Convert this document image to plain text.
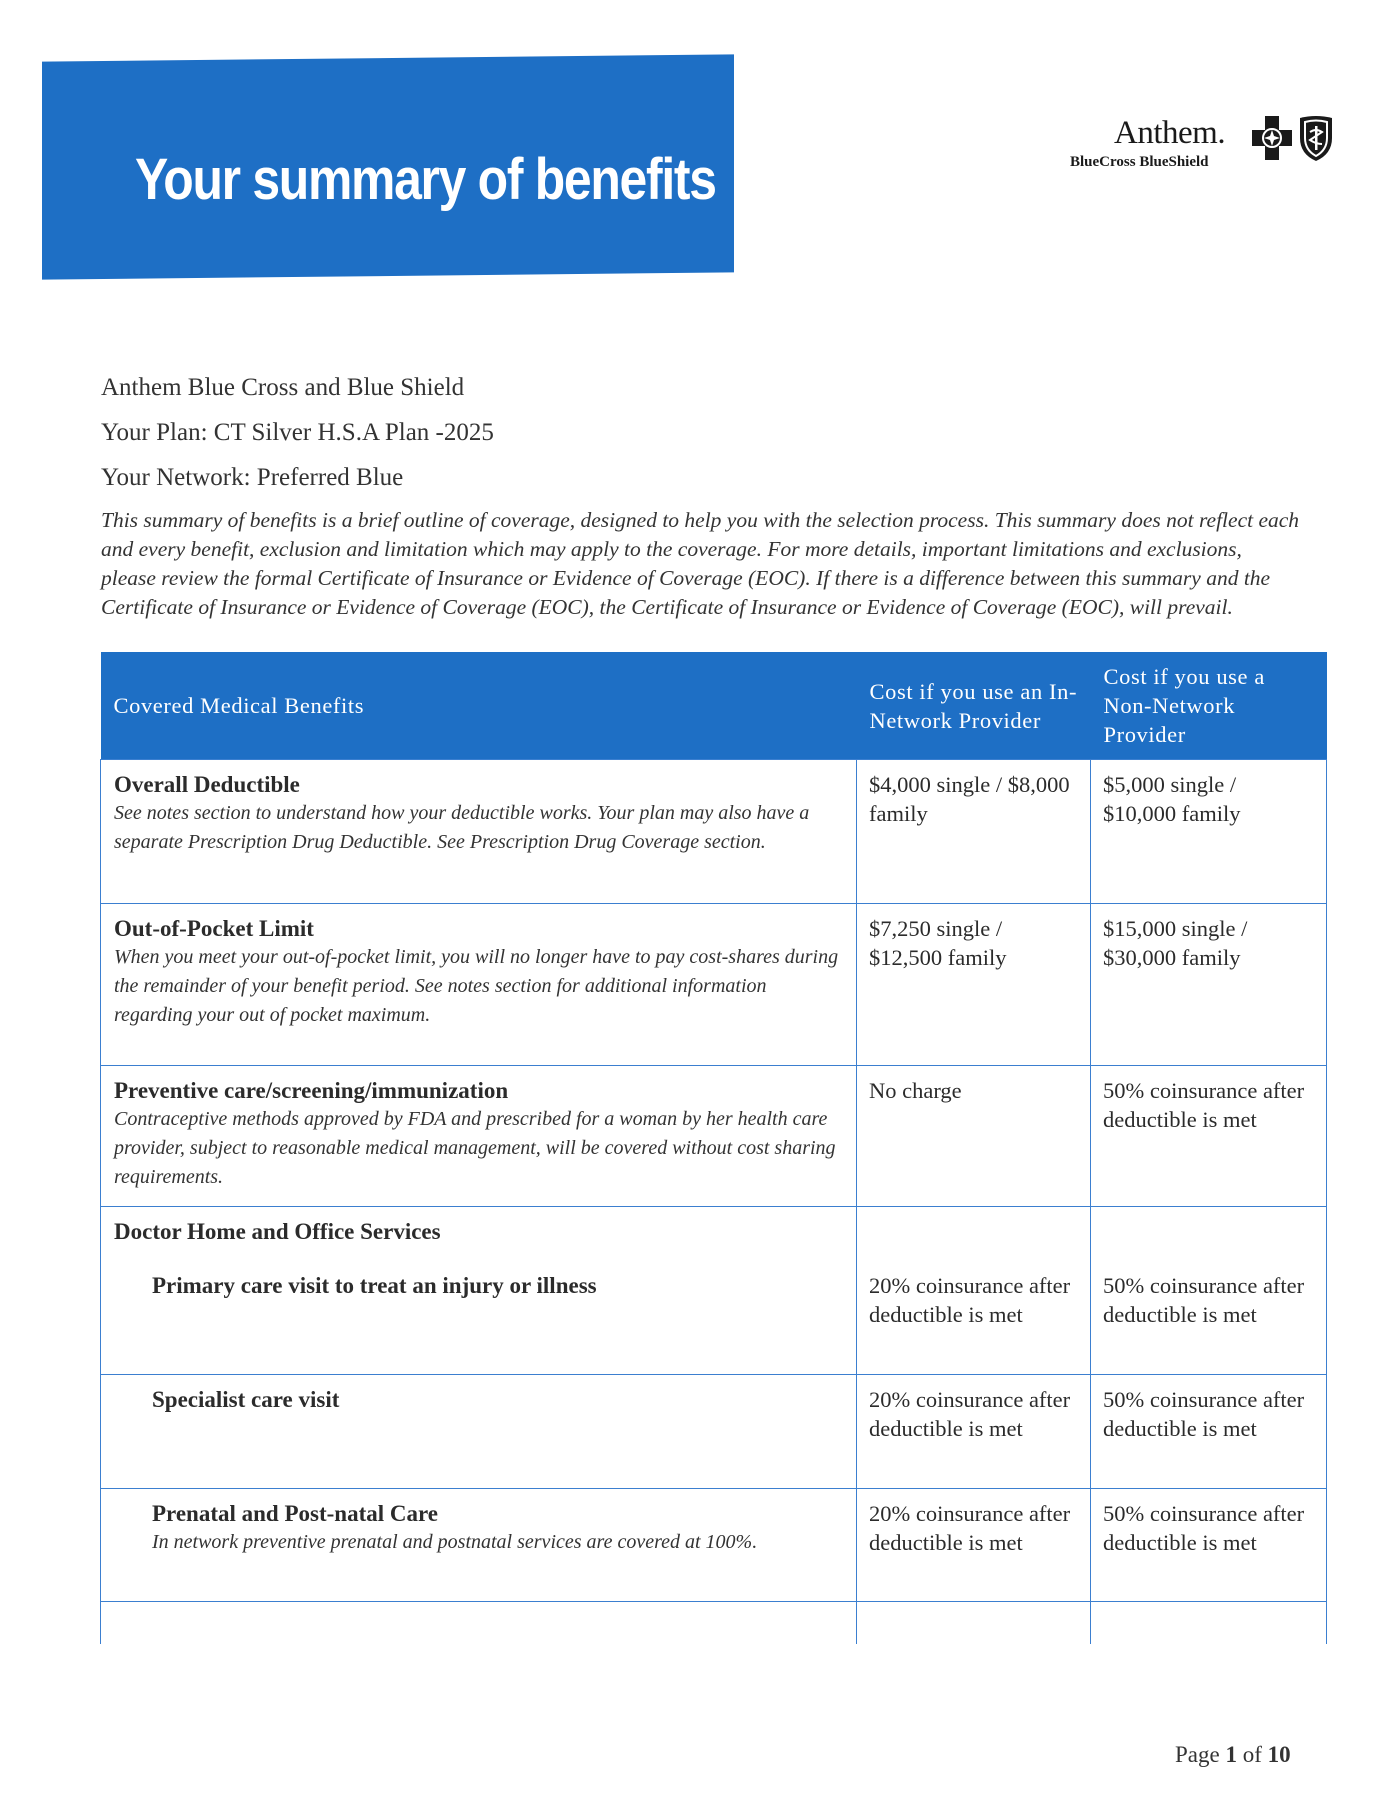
Your summary of benefits
Anthem.
BlueCross BlueShield
Anthem Blue Cross and Blue Shield
Your Plan: CT Silver H.S.A Plan -2025
Your Network: Preferred Blue
This summary of benefits is a brief outline of coverage, designed to help you with the selection process. This summary does not reflect each and every benefit, exclusion and limitation which may apply to the coverage. For more details, important limitations and exclusions, please review the formal Certificate of Insurance or Evidence of Coverage (EOC). If there is a difference between this summary and the Certificate of Insurance or Evidence of Coverage (EOC), the Certificate of Insurance or Evidence of Coverage (EOC), will prevail.
Covered Medical Benefits	Cost if you use an In-Network Provider	Cost if you use a Non-Network Provider

Overall Deductible
See notes section to understand how your deductible works. Your plan may also have a separate Prescription Drug Deductible. See Prescription Drug Coverage section.	$4,000 single / $8,000 family	$5,000 single / $10,000 family

Out-of-Pocket Limit
When you meet your out-of-pocket limit, you will no longer have to pay cost-shares during the remainder of your benefit period. See notes section for additional information regarding your out of pocket maximum.	$7,250 single / $12,500 family	$15,000 single / $30,000 family

Preventive care/screening/immunization
Contraceptive methods approved by FDA and prescribed for a woman by her health care provider, subject to reasonable medical management, will be covered without cost sharing requirements.	No charge	50% coinsurance after deductible is met

Doctor Home and Office Services
Primary care visit to treat an injury or illness	20% coinsurance after deductible is met	50% coinsurance after deductible is met

Specialist care visit	20% coinsurance after deductible is met	50% coinsurance after deductible is met

Prenatal and Post-natal Care
In network preventive prenatal and postnatal services are covered at 100%.	20% coinsurance after deductible is met	50% coinsurance after deductible is met

Page 1 of 10
